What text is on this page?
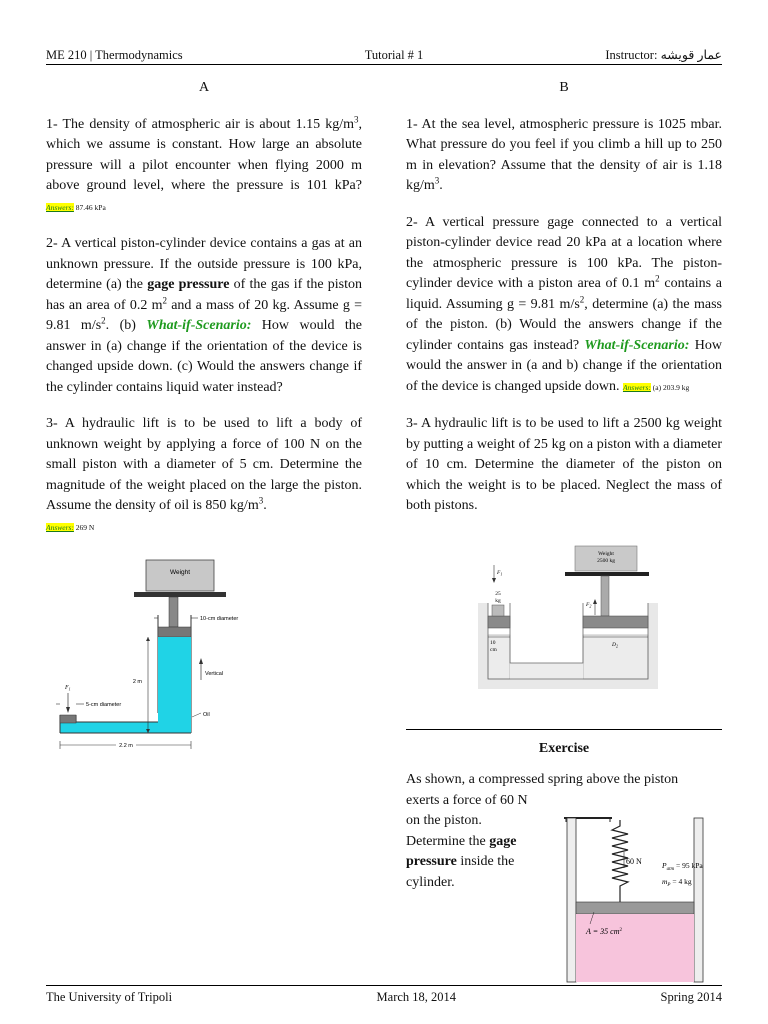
ME 210 | Thermodynamics	Tutorial # 1	Instructor: عمار قويشه
A
1- The density of atmospheric air is about 1.15 $kg/m^3$, which we assume is constant. How large an absolute pressure will a pilot encounter when flying 2000 m above ground level, where the pressure is 101 kPa? Answers: 87.46 kPa
2- A vertical piston-cylinder device contains a gas at an unknown pressure. If the outside pressure is 100 kPa, determine (a) the gage pressure of the gas if the piston has an area of 0.2 $m^2$ and a mass of 20 kg. Assume g = 9.81 $m/s^2$. (b) What-if-Scenario: How would the answer in (a) change if the orientation of the device is changed upside down. (c) Would the answers change if the cylinder contains liquid water instead?
3- A hydraulic lift is to be used to lift a body of unknown weight by applying a force of 100 N on the small piston with a diameter of 5 cm. Determine the magnitude of the weight placed on the large the piston. Assume the density of oil is 850 $kg/m^3$.
Answers: 269 N
Weight
10-cm diameter
2 m
Vertical
$F_1$
5-cm diameter
Oil
2.2 m
B
1- At the sea level, atmospheric pressure is 1025 mbar. What pressure do you feel if you climb a hill up to 250 m in elevation? Assume that the density of air is 1.18 $kg/m^3$.
2- A vertical pressure gage connected to a vertical piston-cylinder device read 20 kPa at a location where the atmospheric pressure is 100 kPa. The piston-cylinder device with a piston area of 0.1 $m^2$ contains a liquid. Assuming g = 9.81 $m/s^2$, determine (a) the mass of the piston. (b) Would the answers change if the cylinder contains gas instead? What-if-Scenario: How would the answer in (a and b) change if the orientation of the device is changed upside down. Answers: (a) 203.9 kg
3- A hydraulic lift is to be used to lift a 2500 kg weight by putting a weight of 25 kg on a piston with a diameter of 10 cm. Determine the diameter of the piston on which the weight is to be placed. Neglect the mass of both pistons.
Weight
2500 kg
25
kg
$F_1$
$F_2$
10
cm
$D_2$
Exercise
As shown, a compressed spring above the piston
exerts a force of 60 N
on the piston.
Determine the gage
pressure inside the
cylinder.
60 N	$P_{atm} = 95$ kPa
$m_P = 4$ kg
A = 35 $cm^2$
The University of Tripoli	March 18, 2014	Spring 2014
